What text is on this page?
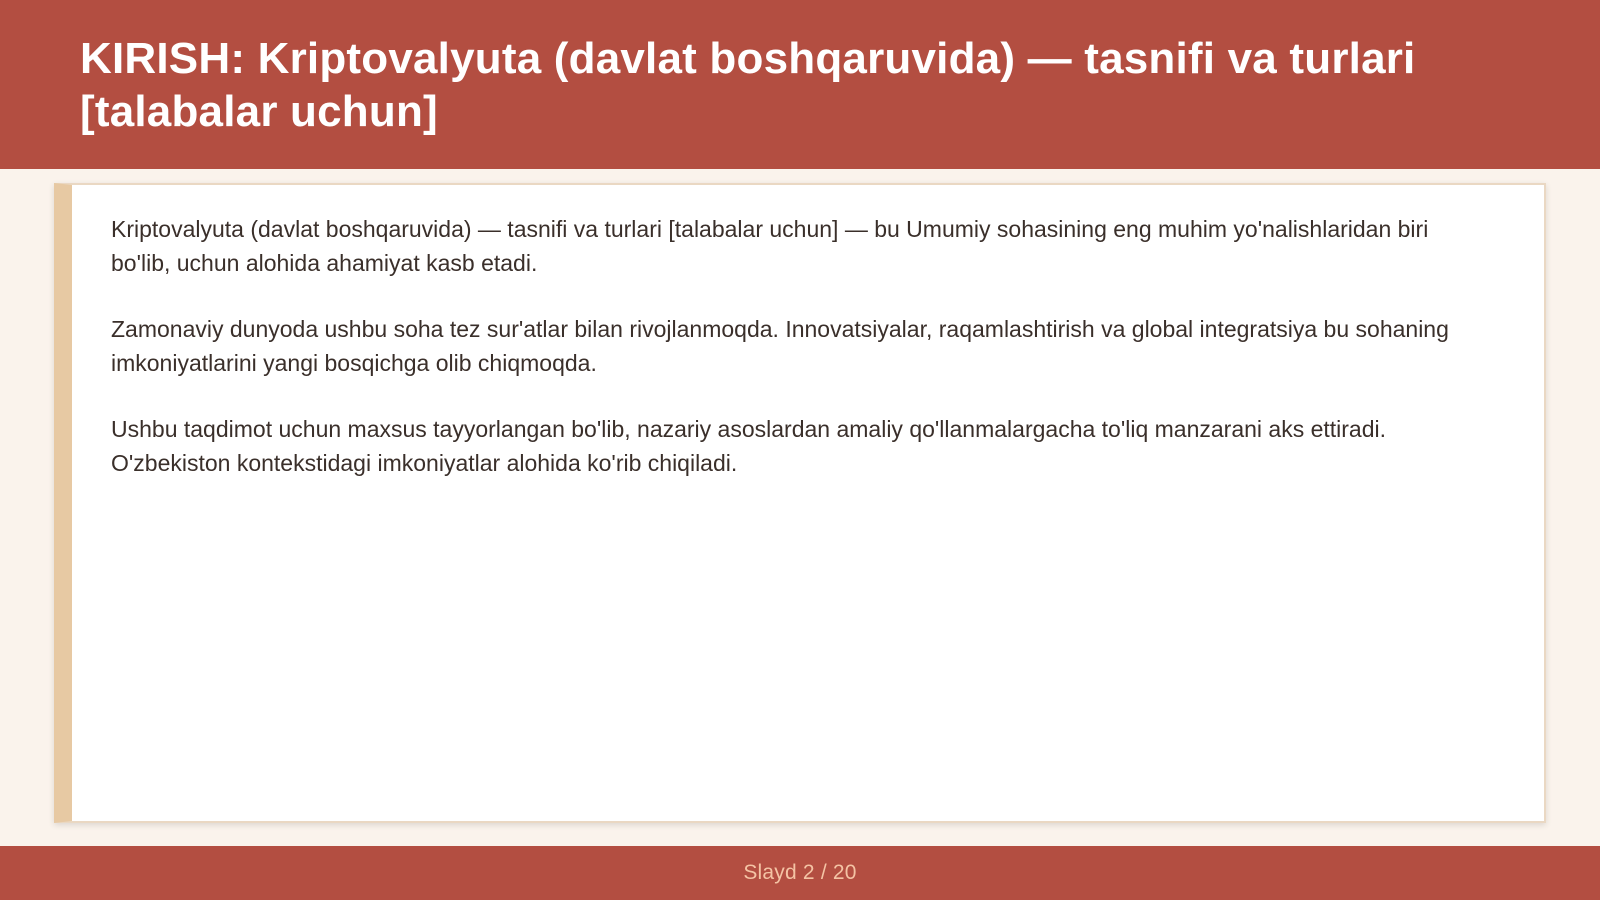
KIRISH: Kriptovalyuta (davlat boshqaruvida) — tasnifi va turlari [talabalar uchun]

Kriptovalyuta (davlat boshqaruvida) — tasnifi va turlari [talabalar uchun] — bu Umumiy sohasining eng muhim yo'nalishlaridan biri bo'lib, uchun alohida ahamiyat kasb etadi.

Zamonaviy dunyoda ushbu soha tez sur'atlar bilan rivojlanmoqda. Innovatsiyalar, raqamlashtirish va global integratsiya bu sohaning imkoniyatlarini yangi bosqichga olib chiqmoqda.

Ushbu taqdimot uchun maxsus tayyorlangan bo'lib, nazariy asoslardan amaliy qo'llanmalargacha to'liq manzarani aks ettiradi. O'zbekiston kontekstidagi imkoniyatlar alohida ko'rib chiqiladi.

Slayd 2 / 20
